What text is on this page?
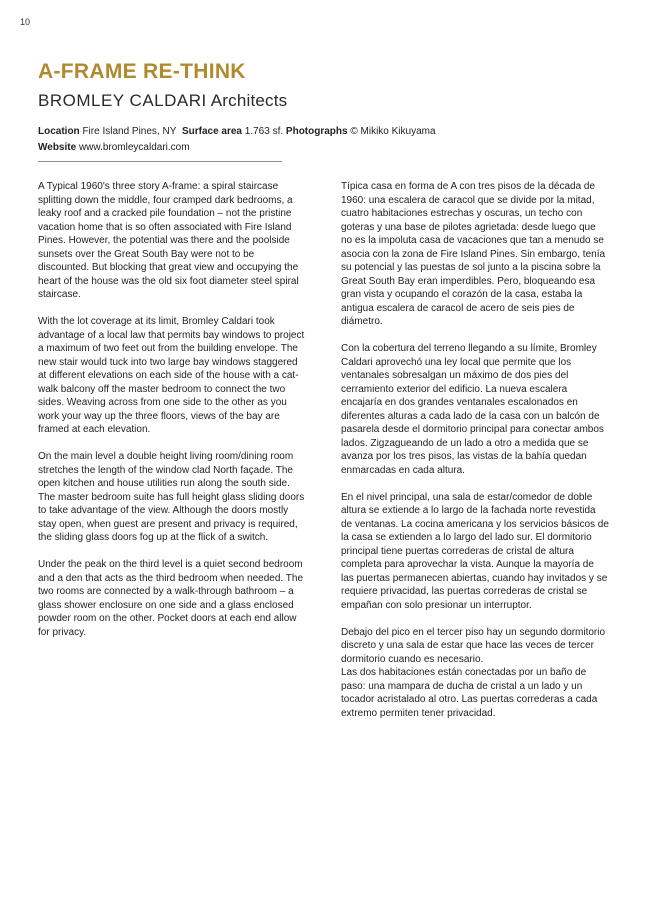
10
A-FRAME RE-THINK
BROMLEY CALDARI Architects
Location Fire Island Pines, NY Surface area 1.763 sf. Photographs © Mikiko Kikuyama
Website www.bromleycaldari.com

A Typical 1960's three story A-frame: a spiral staircase splitting down the middle, four cramped dark bedrooms, a leaky roof and a cracked pile foundation – not the pristine vacation home that is so often associated with Fire Island Pines. However, the potential was there and the poolside sunsets over the Great South Bay were not to be discounted. But blocking that great view and occupying the heart of the house was the old six foot diameter steel spiral staircase.

With the lot coverage at its limit, Bromley Caldari took advantage of a local law that permits bay windows to project a maximum of two feet out from the building envelope. The new stair would tuck into two large bay windows staggered at different elevations on each side of the house with a cat-walk balcony off the master bedroom to connect the two sides. Weaving across from one side to the other as you work your way up the three floors, views of the bay are framed at each elevation.

On the main level a double height living room/dining room stretches the length of the window clad North façade. The open kitchen and house utilities run along the south side. The master bedroom suite has full height glass sliding doors to take advantage of the view. Although the doors mostly stay open, when guest are present and privacy is required, the sliding glass doors fog up at the flick of a switch.

Under the peak on the third level is a quiet second bedroom and a den that acts as the third bedroom when needed. The two rooms are connected by a walk-through bathroom – a glass shower enclosure on one side and a glass enclosed powder room on the other. Pocket doors at each end allow for privacy.

Típica casa en forma de A con tres pisos de la década de 1960: una escalera de caracol que se divide por la mitad, cuatro habitaciones estrechas y oscuras, un techo con goteras y una base de pilotes agrietada: desde luego que no es la impoluta casa de vacaciones que tan a menudo se asocia con la zona de Fire Island Pines. Sin embargo, tenía su potencial y las puestas de sol junto a la piscina sobre la Great South Bay eran imperdibles. Pero, bloqueando esa gran vista y ocupando el corazón de la casa, estaba la antigua escalera de caracol de acero de seis pies de diámetro.

Con la cobertura del terreno llegando a su límite, Bromley Caldari aprovechó una ley local que permite que los ventanales sobresalgan un máximo de dos pies del cerramiento exterior del edificio. La nueva escalera encajaría en dos grandes ventanales escalonados en diferentes alturas a cada lado de la casa con un balcón de pasarela desde el dormitorio principal para conectar ambos lados. Zigzagueando de un lado a otro a medida que se avanza por los tres pisos, las vistas de la bahía quedan enmarcadas en cada altura.

En el nivel principal, una sala de estar/comedor de doble altura se extiende a lo largo de la fachada norte revestida de ventanas. La cocina americana y los servicios básicos de la casa se extienden a lo largo del lado sur. El dormitorio principal tiene puertas correderas de cristal de altura completa para aprovechar la vista. Aunque la mayoría de las puertas permanecen abiertas, cuando hay invitados y se requiere privacidad, las puertas correderas de cristal se empañan con solo presionar un interruptor.

Debajo del pico en el tercer piso hay un segundo dormitorio discreto y una sala de estar que hace las veces de tercer dormitorio cuando es necesario.

Las dos habitaciones están conectadas por un baño de paso: una mampara de ducha de cristal a un lado y un tocador acristalado al otro. Las puertas correderas a cada extremo permiten tener privacidad.
